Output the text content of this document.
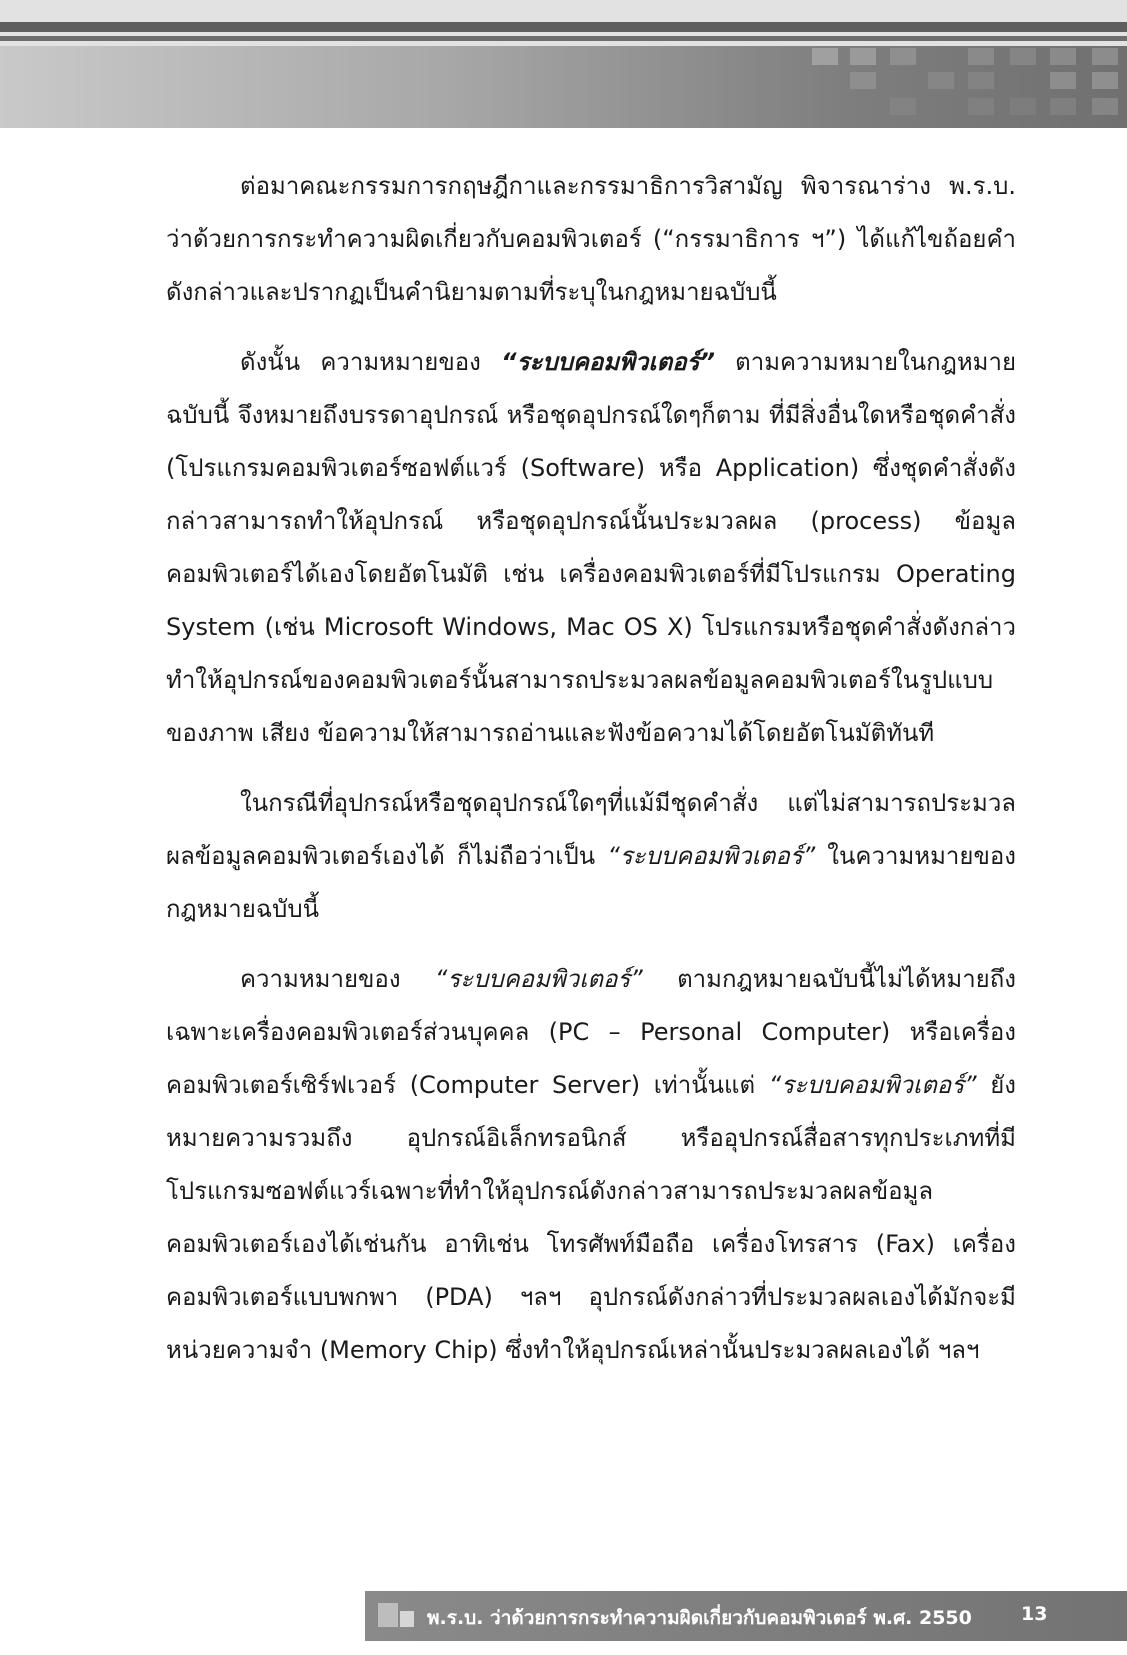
ต่อมาคณะกรรมการกฤษฎีกาและกรรมาธิการวิสามัญ พิจารณาร่าง พ.ร.บ. ว่าด้วยการกระทำความผิดเกี่ยวกับคอมพิวเตอร์ (“กรรมาธิการ ฯ”) ได้แก้ไขถ้อยคำดังกล่าวและปรากฏเป็นคำนิยามตามที่ระบุในกฎหมายฉบับนี้

ดังนั้น ความหมายของ “ระบบคอมพิวเตอร์” ตามความหมายในกฎหมายฉบับนี้ จึงหมายถึงบรรดาอุปกรณ์ หรือชุดอุปกรณ์ใดๆก็ตาม ที่มีสิ่งอื่นใดหรือชุดคำสั่ง (โปรแกรมคอมพิวเตอร์ซอฟต์แวร์ (Software) หรือ Application) ซึ่งชุดคำสั่งดังกล่าวสามารถทำให้อุปกรณ์ หรือชุดอุปกรณ์นั้นประมวลผล (process) ข้อมูลคอมพิวเตอร์ได้เองโดยอัตโนมัติ เช่น เครื่องคอมพิวเตอร์ที่มีโปรแกรม Operating System (เช่น Microsoft Windows, Mac OS X) โปรแกรมหรือชุดคำสั่งดังกล่าวทำให้อุปกรณ์ของคอมพิวเตอร์นั้นสามารถประมวลผลข้อมูลคอมพิวเตอร์ในรูปแบบของภาพ เสียง ข้อความให้สามารถอ่านและฟังข้อความได้โดยอัตโนมัติทันที

ในกรณีที่อุปกรณ์หรือชุดอุปกรณ์ใดๆที่แม้มีชุดคำสั่ง แต่ไม่สามารถประมวลผลข้อมูลคอมพิวเตอร์เองได้ ก็ไม่ถือว่าเป็น “ระบบคอมพิวเตอร์” ในความหมายของกฎหมายฉบับนี้

ความหมายของ “ระบบคอมพิวเตอร์” ตามกฎหมายฉบับนี้ไม่ได้หมายถึงเฉพาะเครื่องคอมพิวเตอร์ส่วนบุคคล (PC – Personal Computer) หรือเครื่องคอมพิวเตอร์เซิร์ฟเวอร์ (Computer Server) เท่านั้นแต่ “ระบบคอมพิวเตอร์” ยังหมายความรวมถึง อุปกรณ์อิเล็กทรอนิกส์ หรืออุปกรณ์สื่อสารทุกประเภทที่มีโปรแกรมซอฟต์แวร์เฉพาะที่ทำให้อุปกรณ์ดังกล่าวสามารถประมวลผลข้อมูลคอมพิวเตอร์เองได้เช่นกัน อาทิเช่น โทรศัพท์มือถือ เครื่องโทรสาร (Fax) เครื่องคอมพิวเตอร์แบบพกพา (PDA) ฯลฯ อุปกรณ์ดังกล่าวที่ประมวลผลเองได้มักจะมีหน่วยความจำ (Memory Chip) ซึ่งทำให้อุปกรณ์เหล่านั้นประมวลผลเองได้ ฯลฯ

พ.ร.บ. ว่าด้วยการกระทำความผิดเกี่ยวกับคอมพิวเตอร์ พ.ศ. 2550	13
